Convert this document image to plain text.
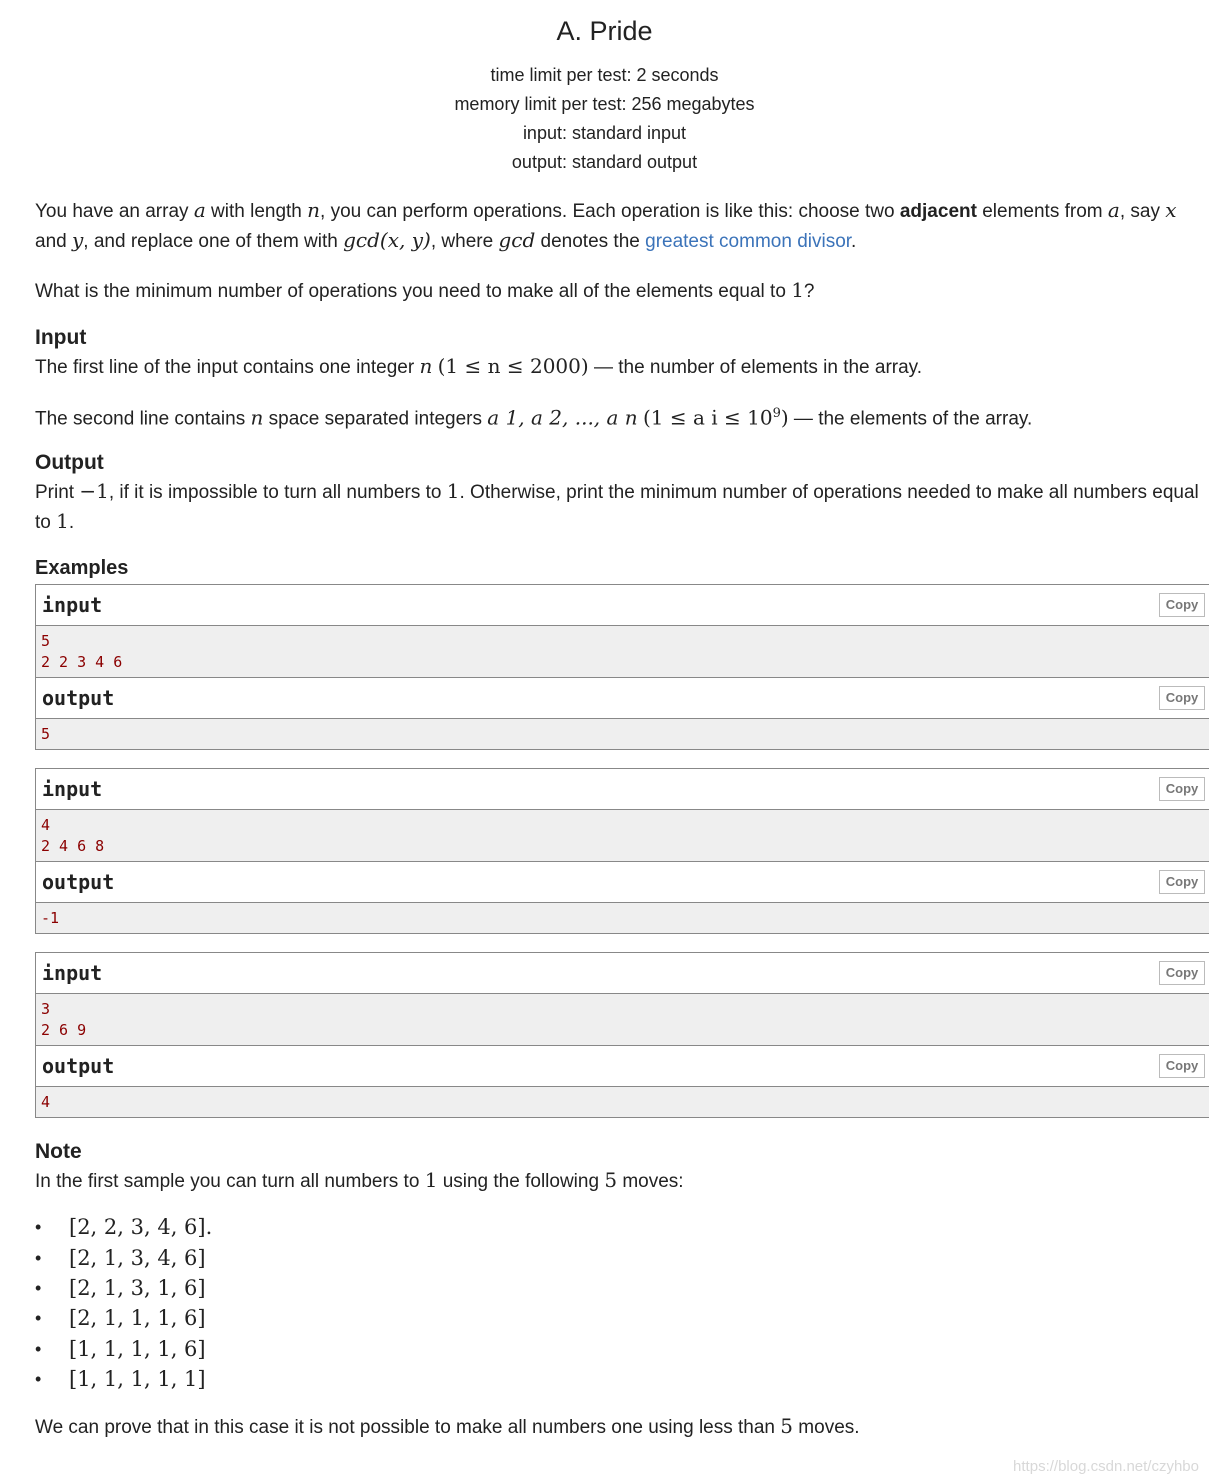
A. Pride
time limit per test: 2 seconds
memory limit per test: 256 megabytes
input: standard input
output: standard output

You have an array a with length n, you can perform operations. Each operation is like this: choose two adjacent elements from a, say x and y, and replace one of them with gcd(x, y), where gcd denotes the greatest common divisor.

What is the minimum number of operations you need to make all of the elements equal to 1?

Input

The first line of the input contains one integer n (1 ≤ n ≤ 2000) — the number of elements in the array.

The second line contains n space separated integers a 1, a 2, ..., a n (1 ≤ a $i \le 10^9$) — the elements of the array.

Output

Print −1, if it is impossible to turn all numbers to 1. Otherwise, print the minimum number of operations needed to make all numbers equal to 1.

Examples
input	Copy
5
2 2 3 4 6
output	Copy
5
input	Copy
4
2 4 6 8
output	Copy
-1
input	Copy
3
2 6 9
output	Copy
4
Note

In the first sample you can turn all numbers to 1 using the following 5 moves:

• [2, 2, 3, 4, 6].
• [2, 1, 3, 4, 6]
• [2, 1, 3, 1, 6]
• [2, 1, 1, 1, 6]
• [1, 1, 1, 1, 6]
• [1, 1, 1, 1, 1]

We can prove that in this case it is not possible to make all numbers one using less than 5 moves.

https://blog.csdn.net/czyhbo
